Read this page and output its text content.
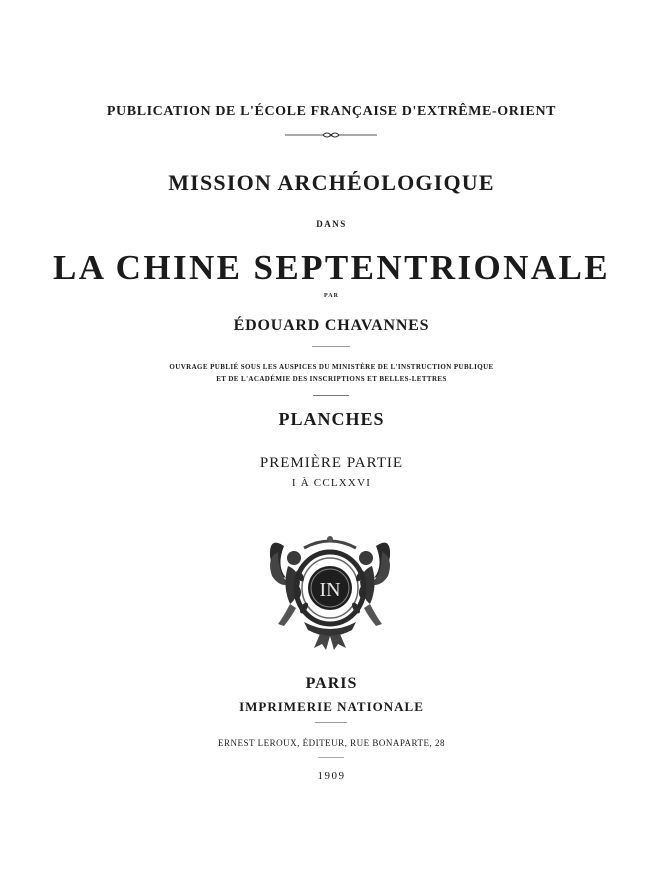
PUBLICATION DE L'ÉCOLE FRANÇAISE D'EXTRÊME-ORIENT
MISSION ARCHÉOLOGIQUE
DANS
LA CHINE SEPTENTRIONALE
PAR
ÉDOUARD CHAVANNES
OUVRAGE PUBLIÉ SOUS LES AUSPICES DU MINISTÈRE DE L'INSTRUCTION PUBLIQUE
ET DE L'ACADÉMIE DES INSCRIPTIONS ET BELLES-LETTRES
PLANCHES
PREMIÈRE PARTIE
I À CCLXXVI
IN
PARIS
IMPRIMERIE NATIONALE
ERNEST LEROUX, ÉDITEUR, RUE BONAPARTE, 28
1909
